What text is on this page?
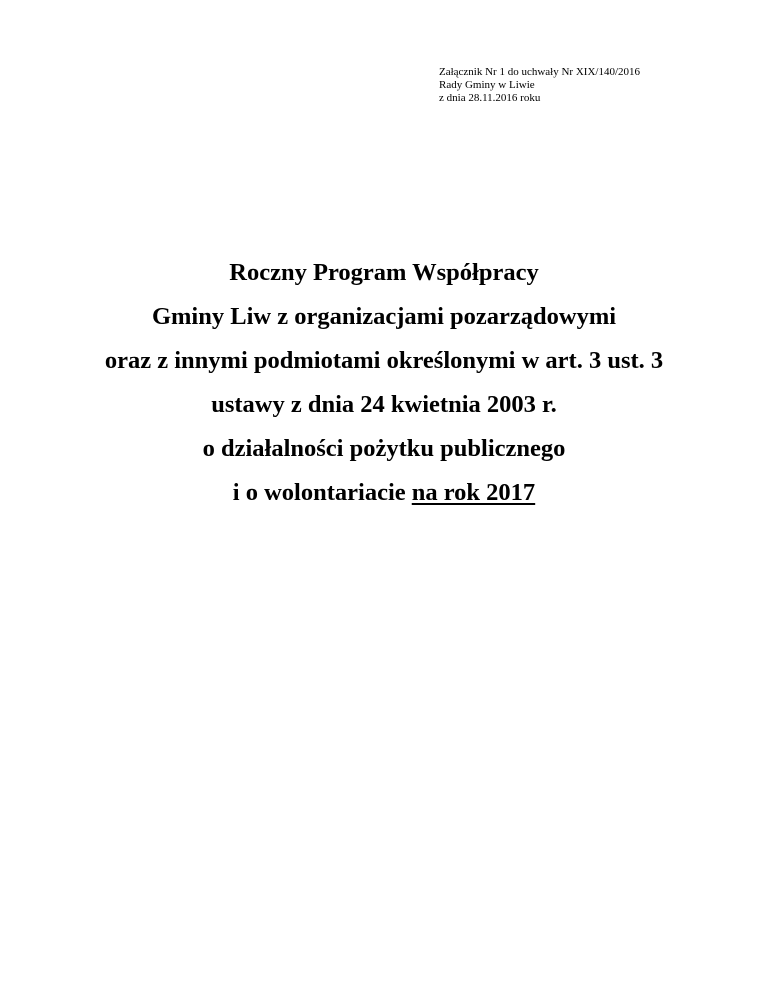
Załącznik Nr 1 do uchwały Nr XIX/140/2016
Rady Gminy w Liwie
z dnia 28.11.2016 roku
Roczny Program Współpracy
Gminy Liw z organizacjami pozarządowymi
oraz z innymi podmiotami określonymi w art. 3 ust. 3
ustawy z dnia 24 kwietnia 2003 r.
o działalności pożytku publicznego
i o wolontariacie na rok 2017
